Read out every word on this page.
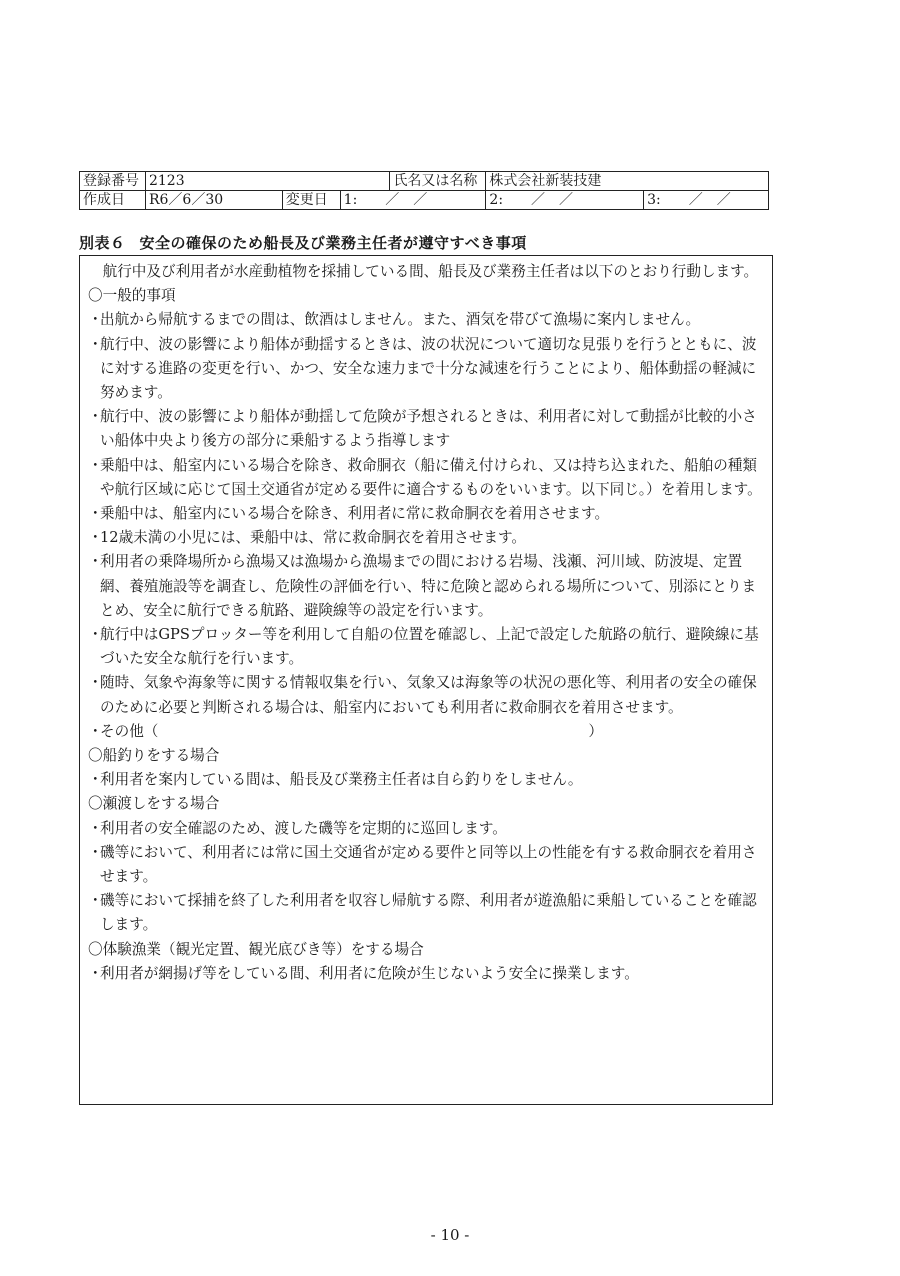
登録番号	2123			氏名又は名称	株式会社新装技建	
作成日	R6／6／30	変更日	1:　　／　／		2:　　／　／	3:　　／　／
別表６ 安全の確保のため船長及び業務主任者が遵守すべき事項

航行中及び利用者が水産動植物を採捕している間、船長及び業務主任者は以下のとおり行動します。

〇一般的事項

・
出航から帰航するまでの間は、飲酒はしません。また、酒気を帯びて漁場に案内しません。

・
航行中、波の影響により船体が動揺するときは、波の状況について適切な見張りを行うとともに、波に対する進路の変更を行い、かつ、安全な速力まで十分な減速を行うことにより、船体動揺の軽減に努めます。

・
航行中、波の影響により船体が動揺して危険が予想されるときは、利用者に対して動揺が比較的小さい船体中央より後方の部分に乗船するよう指導します

・
乗船中は、船室内にいる場合を除き、救命胴衣（船に備え付けられ、又は持ち込まれた、船舶の種類や航行区域に応じて国土交通省が定める要件に適合するものをいいます。以下同じ。）を着用します。

・
乗船中は、船室内にいる場合を除き、利用者に常に救命胴衣を着用させます。

・
12歳未満の小児には、乗船中は、常に救命胴衣を着用させます。

・
利用者の乗降場所から漁場又は漁場から漁場までの間における岩場、浅瀬、河川域、防波堤、定置網、養殖施設等を調査し、危険性の評価を行い、特に危険と認められる場所について、別添にとりまとめ、安全に航行できる航路、避険線等の設定を行います。

・
航行中はGPSプロッター等を利用して自船の位置を確認し、上記で設定した航路の航行、避険線に基づいた安全な航行を行います。

・
随時、気象や海象等に関する情報収集を行い、気象又は海象等の状況の悪化等、利用者の安全の確保のために必要と判断される場合は、船室内においても利用者に救命胴衣を着用させます。

・
その他（	）

〇船釣りをする場合

・
利用者を案内している間は、船長及び業務主任者は自ら釣りをしません。

〇瀬渡しをする場合

・
利用者の安全確認のため、渡した磯等を定期的に巡回します。

・
磯等において、利用者には常に国土交通省が定める要件と同等以上の性能を有する救命胴衣を着用させます。

・
磯等において採捕を終了した利用者を収容し帰航する際、利用者が遊漁船に乗船していることを確認します。

〇体験漁業（観光定置、観光底びき等）をする場合

・
利用者が網揚げ等をしている間、利用者に危険が生じないよう安全に操業します。

- 10 -
